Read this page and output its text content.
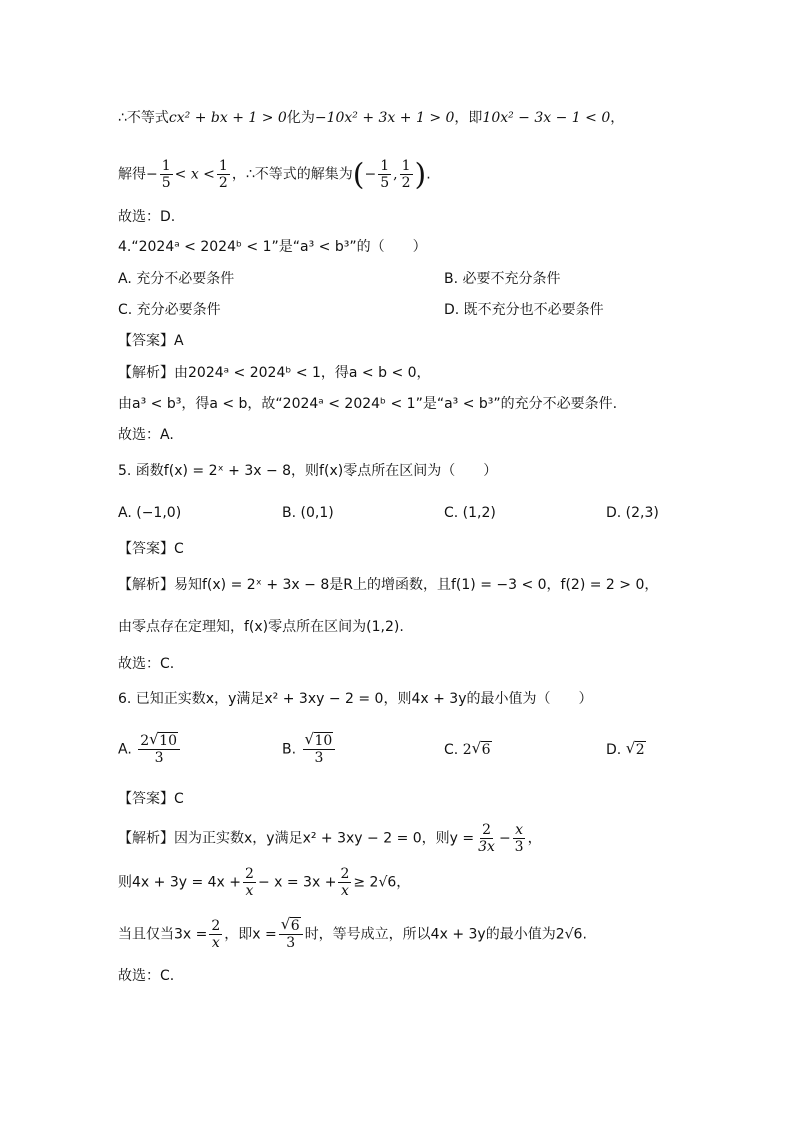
∴不等式cx² + bx + 1 > 0化为−10x² + 3x + 1 > 0，即10x² − 3x − 1 < 0，
解得− $\frac{1}{5} < x < \frac{1}{2}$ ，∴不等式的解集为(− $\frac{1}{5}$ , $\frac{1}{2}$ ).
故选：D.
4.“2024ᵃ < 2024ᵇ < 1”是“a³ < b³”的（　　）
A. 充分不必要条件	B. 必要不充分条件
C. 充分必要条件	D. 既不充分也不必要条件
【答案】A
【解析】由2024ᵃ < 2024ᵇ < 1，得a < b < 0，
由a³ < b³，得a < b，故“2024ᵃ < 2024ᵇ < 1”是“a³ < b³”的充分不必要条件.
故选：A.
5. 函数f(x) = 2ˣ + 3x − 8，则f(x)零点所在区间为（　　）
A. (−1,0)	B. (0,1)	C. (1,2)	D. (2,3)
【答案】C
【解析】易知f(x) = 2ˣ + 3x − 8是R上的增函数，且f(1) = −3 < 0，f(2) = 2 > 0，
由零点存在定理知，f(x)零点所在区间为(1,2).
故选：C.
6. 已知正实数x，y满足x² + 3xy − 2 = 0，则4x + 3y的最小值为（　　）
A. $\frac{2 √ 10}{3}$	B. √ $\frac{10}{3}$	C. 2 √ 6	D. √ 2
【答案】C
【解析】因为正实数x，y满足x² + 3xy − 2 = 0，则$y = \frac{2}{3x} - \frac{x}{3}$ ，
则$4x + 3y = 4x + \frac{2}{x} - x = 3x + \frac{2}{x} \ge 2√6$，
当且仅当$3x = \frac{2}{x}$ ，即x = √ $\frac{6}{3}$ 时，等号成立，所以4x + 3y的最小值为2√6.
故选：C.
